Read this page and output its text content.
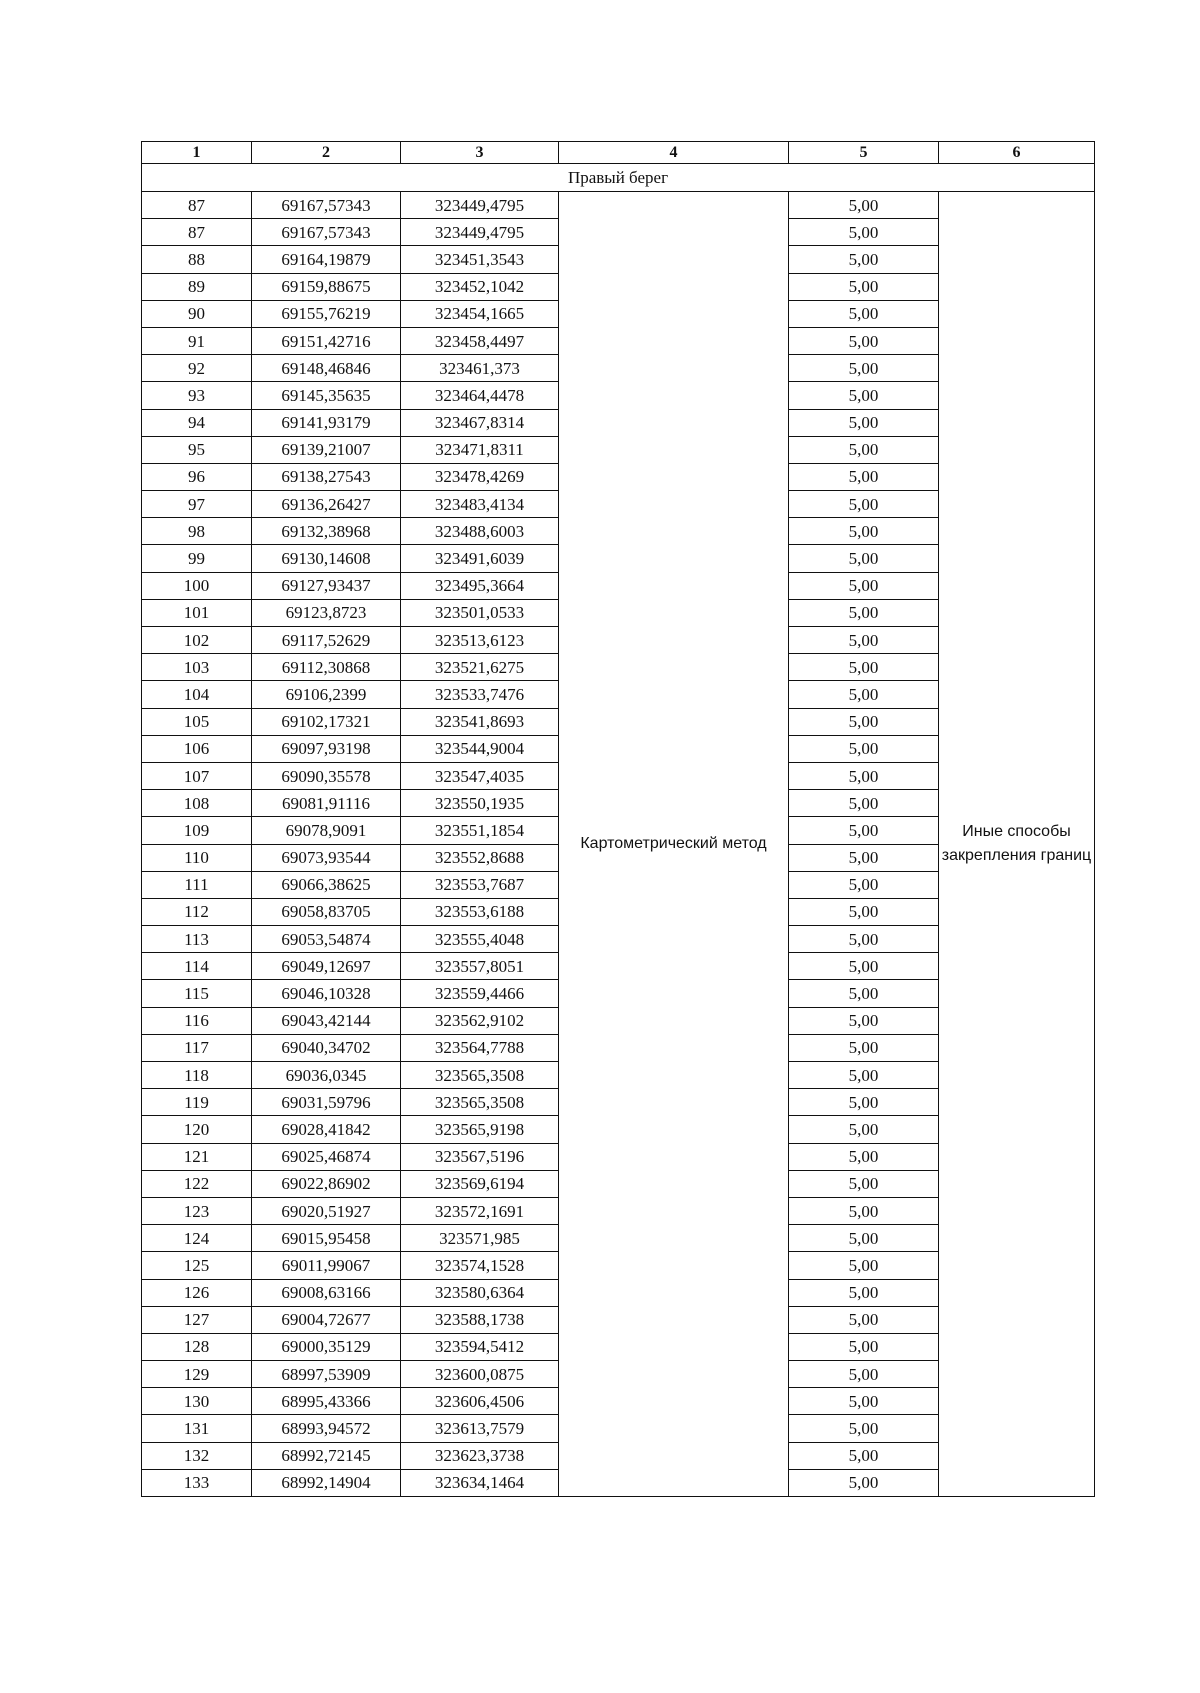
1	2	3	4	5	6
Правый берег					
87	69167,57343	323449,4795	Картометрический метод	5,00	Иные способы закрепления границ
87	69167,57343	323449,4795		5,00	
88	69164,19879	323451,3543		5,00	
89	69159,88675	323452,1042		5,00	
90	69155,76219	323454,1665		5,00	
91	69151,42716	323458,4497		5,00	
92	69148,46846	323461,373		5,00	
93	69145,35635	323464,4478		5,00	
94	69141,93179	323467,8314		5,00	
95	69139,21007	323471,8311		5,00	
96	69138,27543	323478,4269		5,00	
97	69136,26427	323483,4134		5,00	
98	69132,38968	323488,6003		5,00	
99	69130,14608	323491,6039		5,00	
100	69127,93437	323495,3664		5,00	
101	69123,8723	323501,0533		5,00	
102	69117,52629	323513,6123		5,00	
103	69112,30868	323521,6275		5,00	
104	69106,2399	323533,7476		5,00	
105	69102,17321	323541,8693		5,00	
106	69097,93198	323544,9004		5,00	
107	69090,35578	323547,4035		5,00	
108	69081,91116	323550,1935		5,00	
109	69078,9091	323551,1854		5,00	
110	69073,93544	323552,8688		5,00	
111	69066,38625	323553,7687		5,00	
112	69058,83705	323553,6188		5,00	
113	69053,54874	323555,4048		5,00	
114	69049,12697	323557,8051		5,00	
115	69046,10328	323559,4466		5,00	
116	69043,42144	323562,9102		5,00	
117	69040,34702	323564,7788		5,00	
118	69036,0345	323565,3508		5,00	
119	69031,59796	323565,3508		5,00	
120	69028,41842	323565,9198		5,00	
121	69025,46874	323567,5196		5,00	
122	69022,86902	323569,6194		5,00	
123	69020,51927	323572,1691		5,00	
124	69015,95458	323571,985		5,00	
125	69011,99067	323574,1528		5,00	
126	69008,63166	323580,6364		5,00	
127	69004,72677	323588,1738		5,00	
128	69000,35129	323594,5412		5,00	
129	68997,53909	323600,0875		5,00	
130	68995,43366	323606,4506		5,00	
131	68993,94572	323613,7579		5,00	
132	68992,72145	323623,3738		5,00	
133	68992,14904	323634,1464		5,00	
